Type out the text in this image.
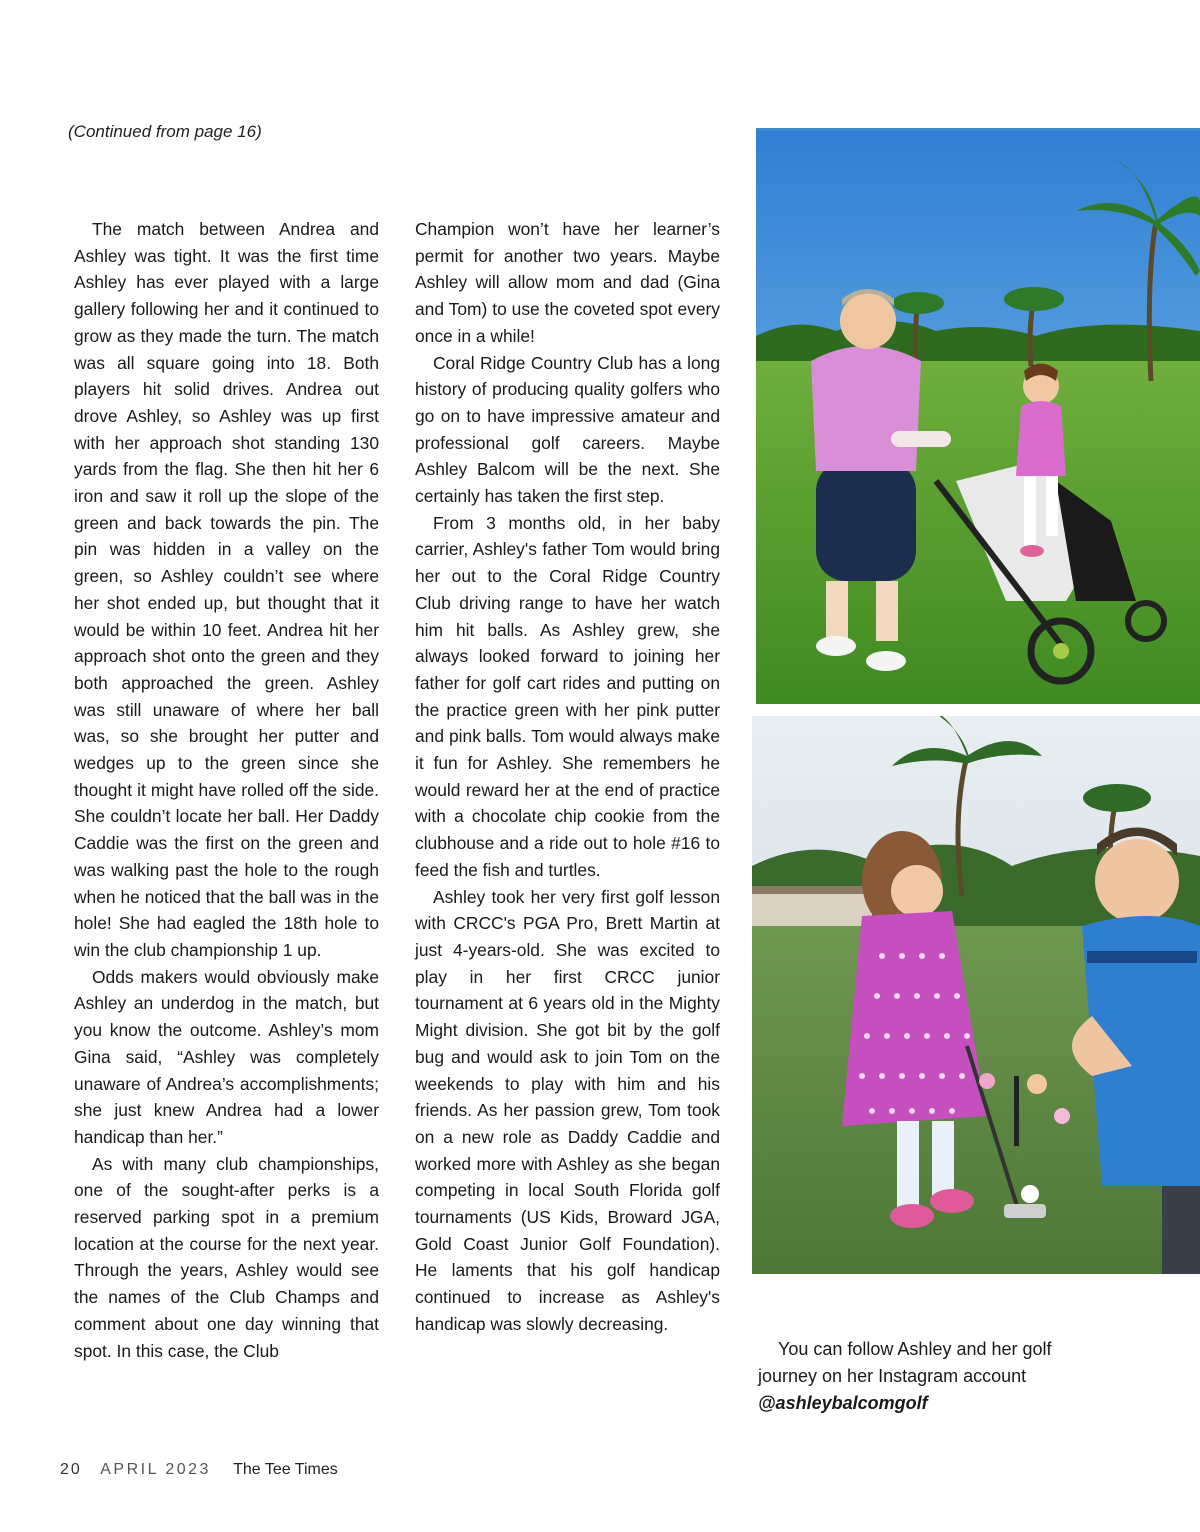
(Continued from page 16)

The match between Andrea and Ashley was tight. It was the first time Ashley has ever played with a large gallery following her and it continued to grow as they made the turn. The match was all square going into 18. Both players hit solid drives. Andrea out drove Ashley, so Ashley was up first with her approach shot standing 130 yards from the flag. She then hit her 6 iron and saw it roll up the slope of the green and back towards the pin. The pin was hidden in a valley on the green, so Ashley couldn’t see where her shot ended up, but thought that it would be within 10 feet. Andrea hit her approach shot onto the green and they both approached the green. Ashley was still unaware of where her ball was, so she brought her putter and wedges up to the green since she thought it might have rolled off the side. She couldn’t locate her ball. Her Daddy Caddie was the first on the green and was walking past the hole to the rough when he noticed that the ball was in the hole! She had eagled the 18th hole to win the club championship 1 up.

Odds makers would obviously make Ashley an underdog in the match, but you know the outcome. Ashley’s mom Gina said, “Ashley was completely unaware of Andrea’s accomplishments; she just knew Andrea had a lower handicap than her.”

As with many club championships, one of the sought-after perks is a reserved parking spot in a premium location at the course for the next year. Through the years, Ashley would see the names of the Club Champs and comment about one day winning that spot. In this case, the Club

Champion won’t have her learner’s permit for another two years. Maybe Ashley will allow mom and dad (Gina and Tom) to use the coveted spot every once in a while!

Coral Ridge Country Club has a long history of producing quality golfers who go on to have impressive amateur and professional golf careers. Maybe Ashley Balcom will be the next. She certainly has taken the first step.

From 3 months old, in her baby carrier, Ashley's father Tom would bring her out to the Coral Ridge Country Club driving range to have her watch him hit balls. As Ashley grew, she always looked forward to joining her father for golf cart rides and putting on the practice green with her pink putter and pink balls. Tom would always make it fun for Ashley. She remembers he would reward her at the end of practice with a chocolate chip cookie from the clubhouse and a ride out to hole #16 to feed the fish and turtles.

Ashley took her very first golf lesson with CRCC's PGA Pro, Brett Martin at just 4-years-old. She was excited to play in her first CRCC junior tournament at 6 years old in the Mighty Might division. She got bit by the golf bug and would ask to join Tom on the weekends to play with him and his friends. As her passion grew, Tom took on a new role as Daddy Caddie and worked more with Ashley as she began competing in local South Florida golf tournaments (US Kids, Broward JGA, Gold Coast Junior Golf Foundation). He laments that his golf handicap continued to increase as Ashley's handicap was slowly decreasing.

You can follow Ashley and her golf journey on her Instagram account
@ashleybalcomgolf
20 APRIL 2023 The Tee Times
